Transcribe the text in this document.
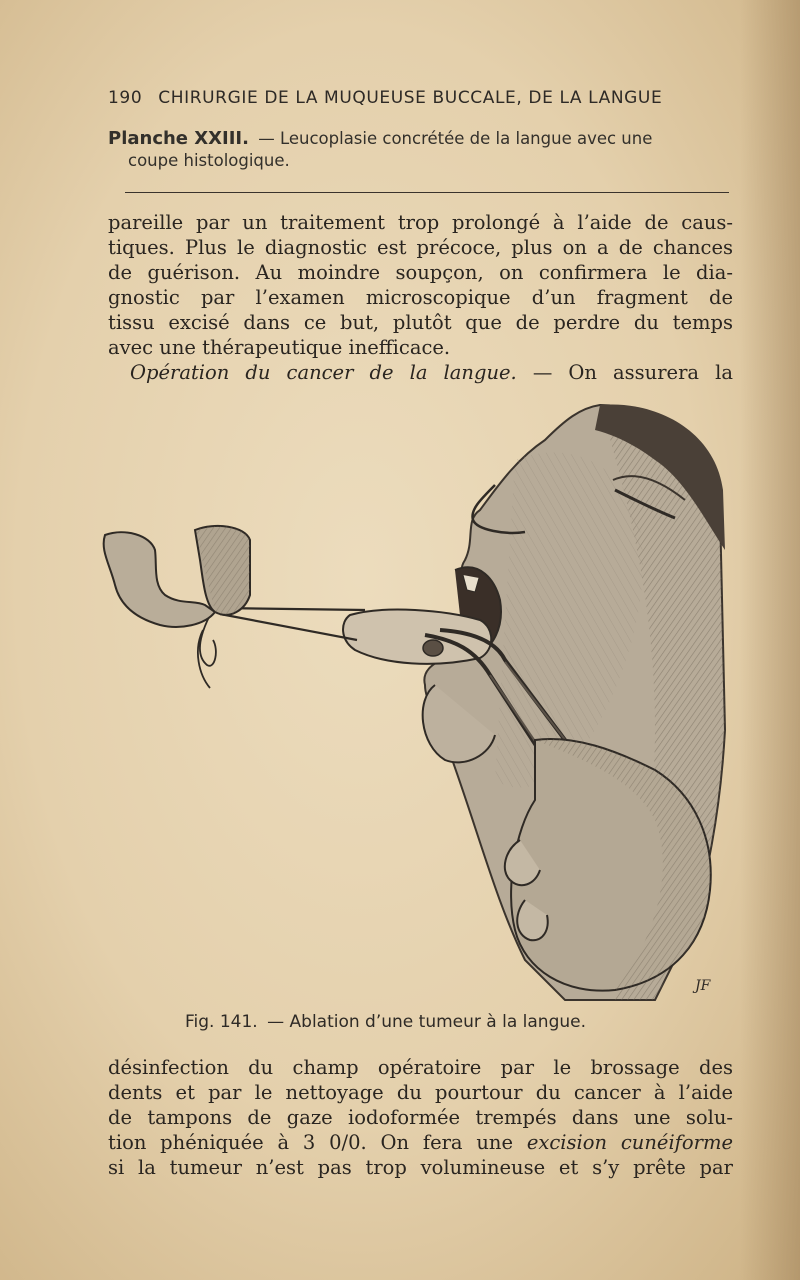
190 CHIRURGIE DE LA MUQUEUSE BUCCALE, DE LA LANGUE
Planche XXIII. — Leucoplasie concrétée de la langue avec une
coupe histologique.
pareille par un traitement trop prolongé à l’aide de caus-
tiques. Plus le diagnostic est précoce, plus on a de chances
de guérison. Au moindre soupçon, on confirmera le dia-
gnostic par l’examen microscopique d’un fragment de
tissu excisé dans ce but, plutôt que de perdre du temps
avec une thérapeutique inefficace.
Opération du cancer de la langue. — On assurera la
JF
Fig. 141. — Ablation d’une tumeur à la langue.
désinfection du champ opératoire par le brossage des
dents et par le nettoyage du pourtour du cancer à l’aide
de tampons de gaze iodoformée trempés dans une solu-
tion phéniquée à 3 0/0. On fera une excision cunéiforme
si la tumeur n’est pas trop volumineuse et s’y prête par
